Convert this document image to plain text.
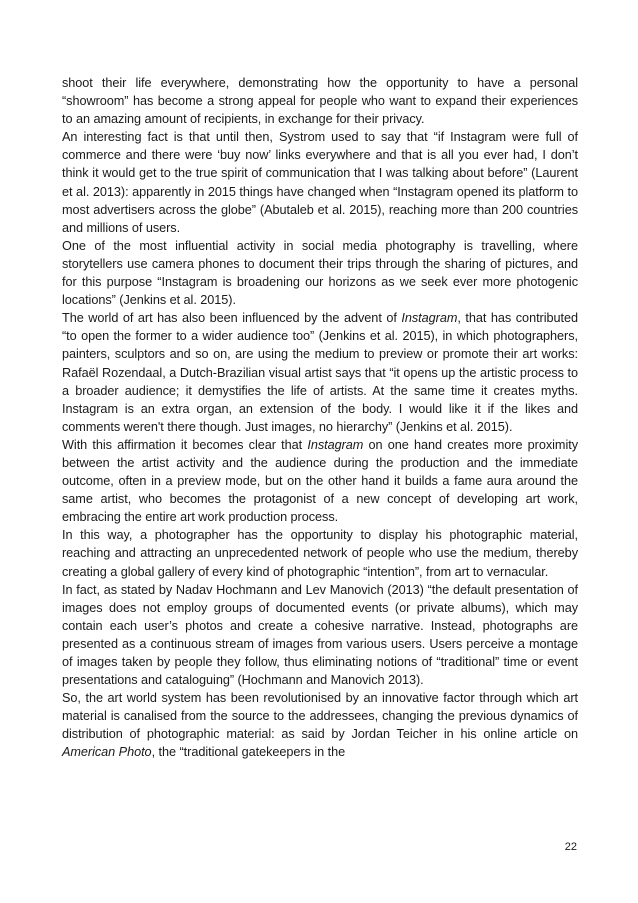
shoot their life everywhere, demonstrating how the opportunity to have a personal “showroom” has become a strong appeal for people who want to expand their experiences to an amazing amount of recipients, in exchange for their privacy.

An interesting fact is that until then, Systrom used to say that “if Instagram were full of commerce and there were ‘buy now’ links everywhere and that is all you ever had, I don’t think it would get to the true spirit of communication that I was talking about before” (Laurent et al. 2013): apparently in 2015 things have changed when “Instagram opened its platform to most advertisers across the globe” (Abutaleb et al. 2015), reaching more than 200 countries and millions of users.

One of the most influential activity in social media photography is travelling, where storytellers use camera phones to document their trips through the sharing of pictures, and for this purpose “Instagram is broadening our horizons as we seek ever more photogenic locations” (Jenkins et al. 2015).

The world of art has also been influenced by the advent of Instagram, that has contributed “to open the former to a wider audience too” (Jenkins et al. 2015), in which photographers, painters, sculptors and so on, are using the medium to preview or promote their art works: Rafaël Rozendaal, a Dutch-Brazilian visual artist says that “it opens up the artistic process to a broader audience; it demystifies the life of artists. At the same time it creates myths. Instagram is an extra organ, an extension of the body. I would like it if the likes and comments weren't there though. Just images, no hierarchy” (Jenkins et al. 2015).

With this affirmation it becomes clear that Instagram on one hand creates more proximity between the artist activity and the audience during the production and the immediate outcome, often in a preview mode, but on the other hand it builds a fame aura around the same artist, who becomes the protagonist of a new concept of developing art work, embracing the entire art work production process.

In this way, a photographer has the opportunity to display his photographic material, reaching and attracting an unprecedented network of people who use the medium, thereby creating a global gallery of every kind of photographic “intention”, from art to vernacular.

In fact, as stated by Nadav Hochmann and Lev Manovich (2013) “the default presentation of images does not employ groups of documented events (or private albums), which may contain each user’s photos and create a cohesive narrative. Instead, photographs are presented as a continuous stream of images from various users. Users perceive a montage of images taken by people they follow, thus eliminating notions of “traditional” time or event presentations and cataloguing” (Hochmann and Manovich 2013).

So, the art world system has been revolutionised by an innovative factor through which art material is canalised from the source to the addressees, changing the previous dynamics of distribution of photographic material: as said by Jordan Teicher in his online article on American Photo, the “traditional gatekeepers in the

22
